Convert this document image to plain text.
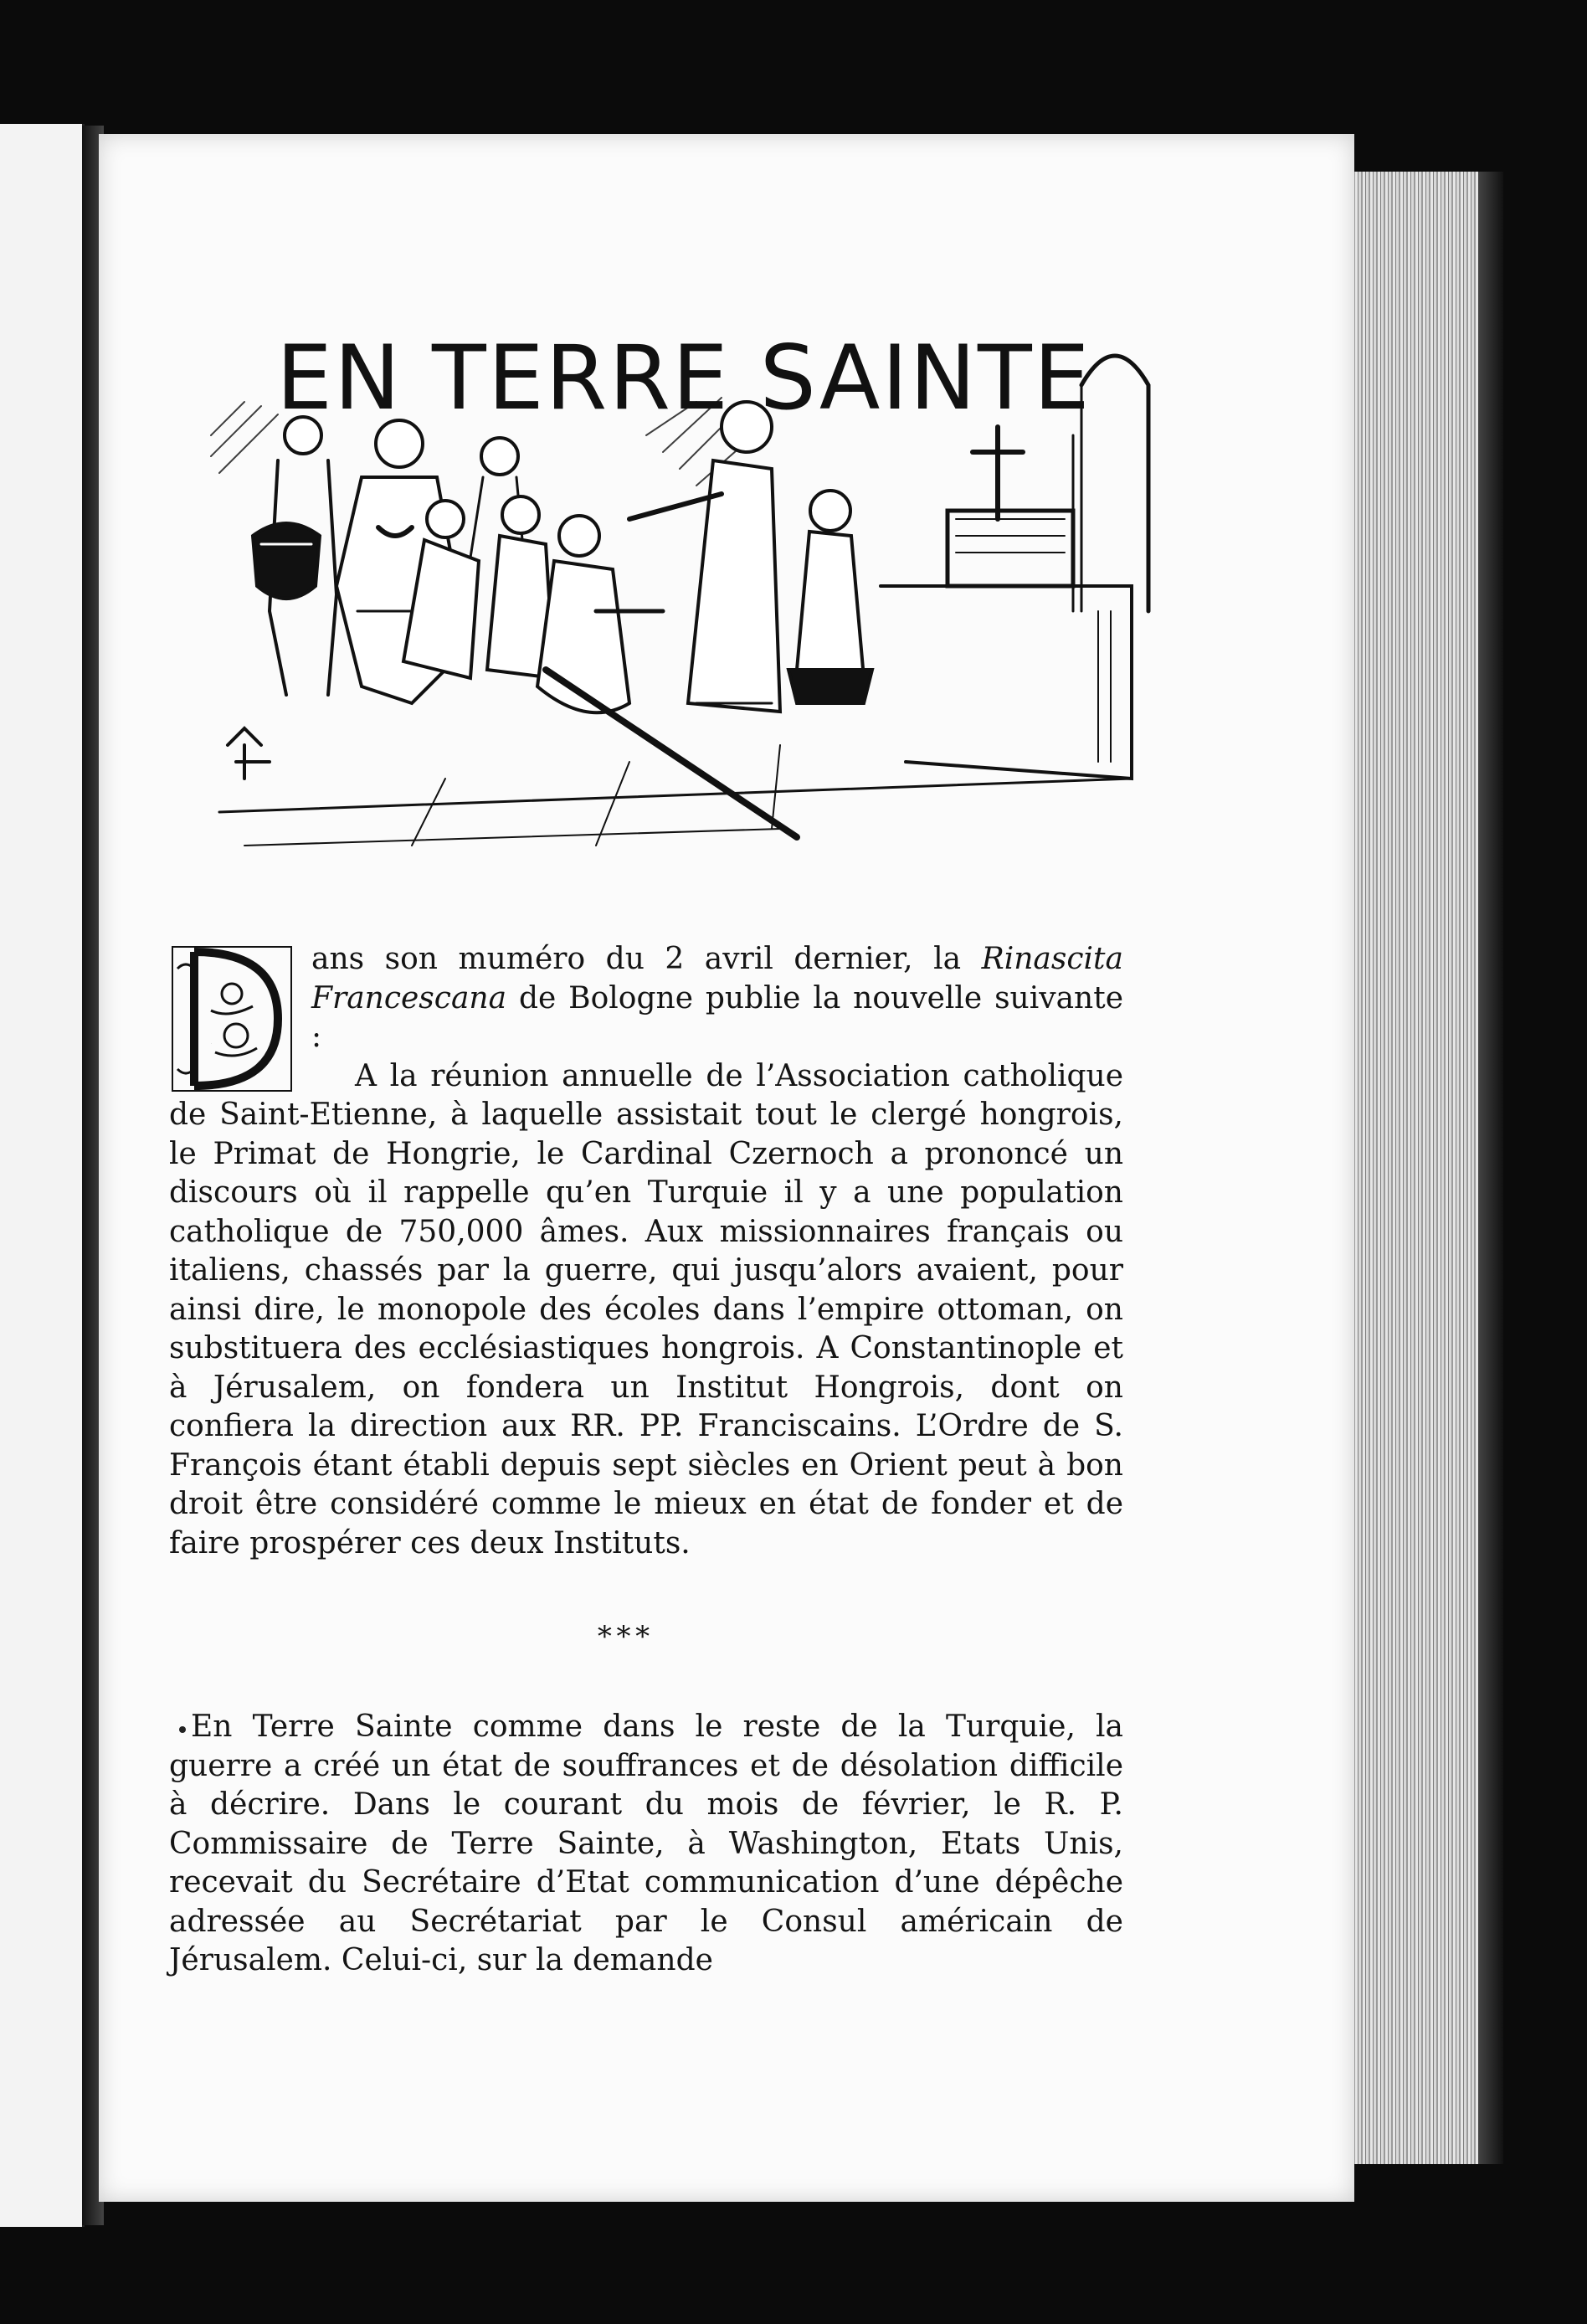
EN TERRE SAINTE
D
ans son muméro du 2 avril dernier, la Rinascita Francescana de Bologne publie la nouvelle suivante :
A la réunion annuelle de l’Association catholique de Saint-Etienne, à laquelle assistait tout le clergé hongrois, le Primat de Hongrie, le Cardinal Czernoch a prononcé un discours où il rappelle qu’en Turquie il y a une population catholique de 750,000 âmes. Aux missionnaires français ou italiens, chassés par la guerre, qui jusqu’alors avaient, pour ainsi dire, le monopole des écoles dans l’empire ottoman, on substituera des ecclésiastiques hongrois. A Constantinople et à Jérusalem, on fondera un Institut Hongrois, dont on confiera la direction aux RR. PP. Franciscains. L’Ordre de S. François étant établi depuis sept siècles en Orient peut à bon droit être considéré comme le mieux en état de fonder et de faire prospérer ces deux Instituts.
* * *

En Terre Sainte comme dans le reste de la Turquie, la guerre a créé un état de souffrances et de désolation difficile à décrire. Dans le courant du mois de février, le R. P. Commissaire de Terre Sainte, à Washington, Etats Unis, recevait du Secrétaire d’Etat communication d’une dépêche adressée au Secrétariat par le Consul américain de Jérusalem. Celui-ci, sur la demande
